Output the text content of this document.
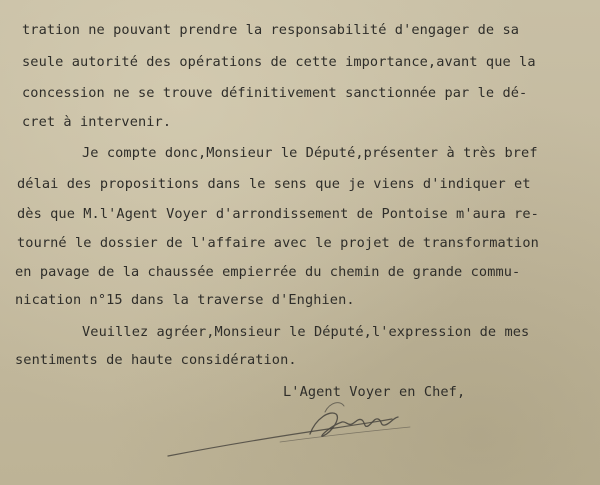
tration ne pouvant prendre la responsabilité d'engager de sa
seule autorité des opérations de cette importance,avant que la
concession ne se trouve définitivement sanctionnée par le dé-
cret à intervenir.
Je compte donc,Monsieur le Député,présenter à très bref
délai des propositions dans le sens que je viens d'indiquer et
dès que M.l'Agent Voyer d'arrondissement de Pontoise m'aura re-
tourné le dossier de l'affaire avec le projet de transformation
en pavage de la chaussée empierrée du chemin de grande commu-
nication n°15 dans la traverse d'Enghien.
Veuillez agréer,Monsieur le Député,l'expression de mes
sentiments de haute considération.
L'Agent Voyer en Chef,
